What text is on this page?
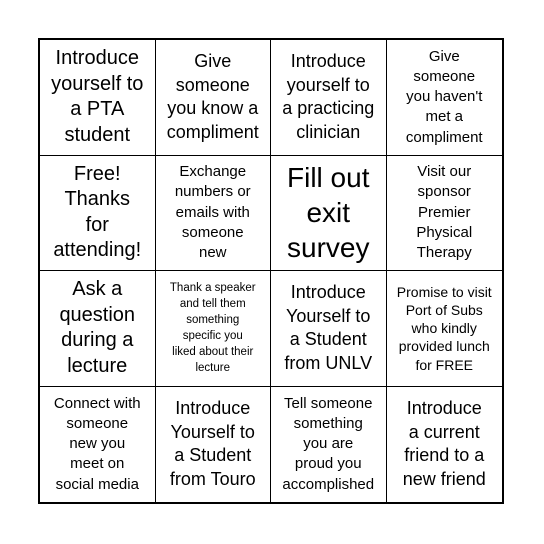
Introduce
yourself to
a PTA
student
Give
someone
you know a
compliment
Introduce
yourself to
a practicing
clinician
Give
someone
you haven't
met a
compliment
Free!
Thanks
for
attending!
Exchange
numbers or
emails with
someone
new
Fill out
exit
survey
Visit our
sponsor
Premier
Physical
Therapy
Ask a
question
during a
lecture
Thank a speaker
and tell them
something
specific you
liked about their
lecture
Introduce
Yourself to
a Student
from UNLV
Promise to visit
Port of Subs
who kindly
provided lunch
for FREE
Connect with
someone
new you
meet on
social media
Introduce
Yourself to
a Student
from Touro
Tell someone
something
you are
proud you
accomplished
Introduce
a current
friend to a
new friend
